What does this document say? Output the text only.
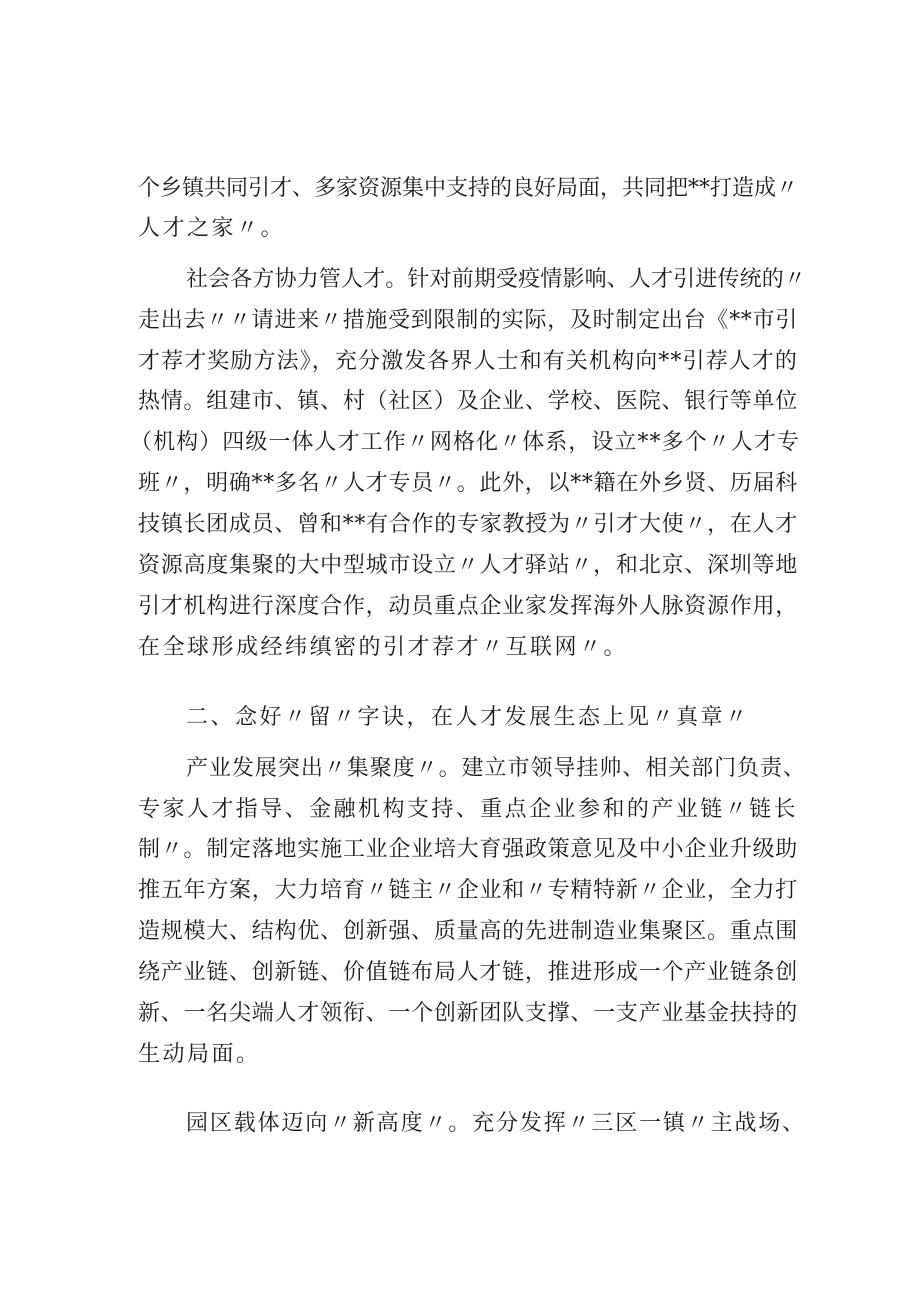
个乡镇共同引才、多家资源集中支持的良好局面，共同把**打造成〃
人才之家〃。
社会各方协力管人才。针对前期受疫情影响、人才引进传统的〃
走出去〃〃请进来〃措施受到限制的实际，及时制定出台《**市引
才荐才奖励方法》，充分激发各界人士和有关机构向**引荐人才的
热情。组建市、镇、村（社区）及企业、学校、医院、银行等单位
（机构）四级一体人才工作〃网格化〃体系，设立**多个〃人才专
班〃，明确**多名〃人才专员〃。此外，以**籍在外乡贤、历届科
技镇长团成员、曾和**有合作的专家教授为〃引才大使〃，在人才
资源高度集聚的大中型城市设立〃人才驿站〃，和北京、深圳等地
引才机构进行深度合作，动员重点企业家发挥海外人脉资源作用，
在全球形成经纬缜密的引才荐才〃互联网〃。
二、念好〃留〃字诀，在人才发展生态上见〃真章〃
产业发展突出〃集聚度〃。建立市领导挂帅、相关部门负责、
专家人才指导、金融机构支持、重点企业参和的产业链〃链长
制〃。制定落地实施工业企业培大育强政策意见及中小企业升级助
推五年方案，大力培育〃链主〃企业和〃专精特新〃企业，全力打
造规模大、结构优、创新强、质量高的先进制造业集聚区。重点围
绕产业链、创新链、价值链布局人才链，推进形成一个产业链条创
新、一名尖端人才领衔、一个创新团队支撑、一支产业基金扶持的
生动局面。
园区载体迈向〃新高度〃。充分发挥〃三区一镇〃主战场、
